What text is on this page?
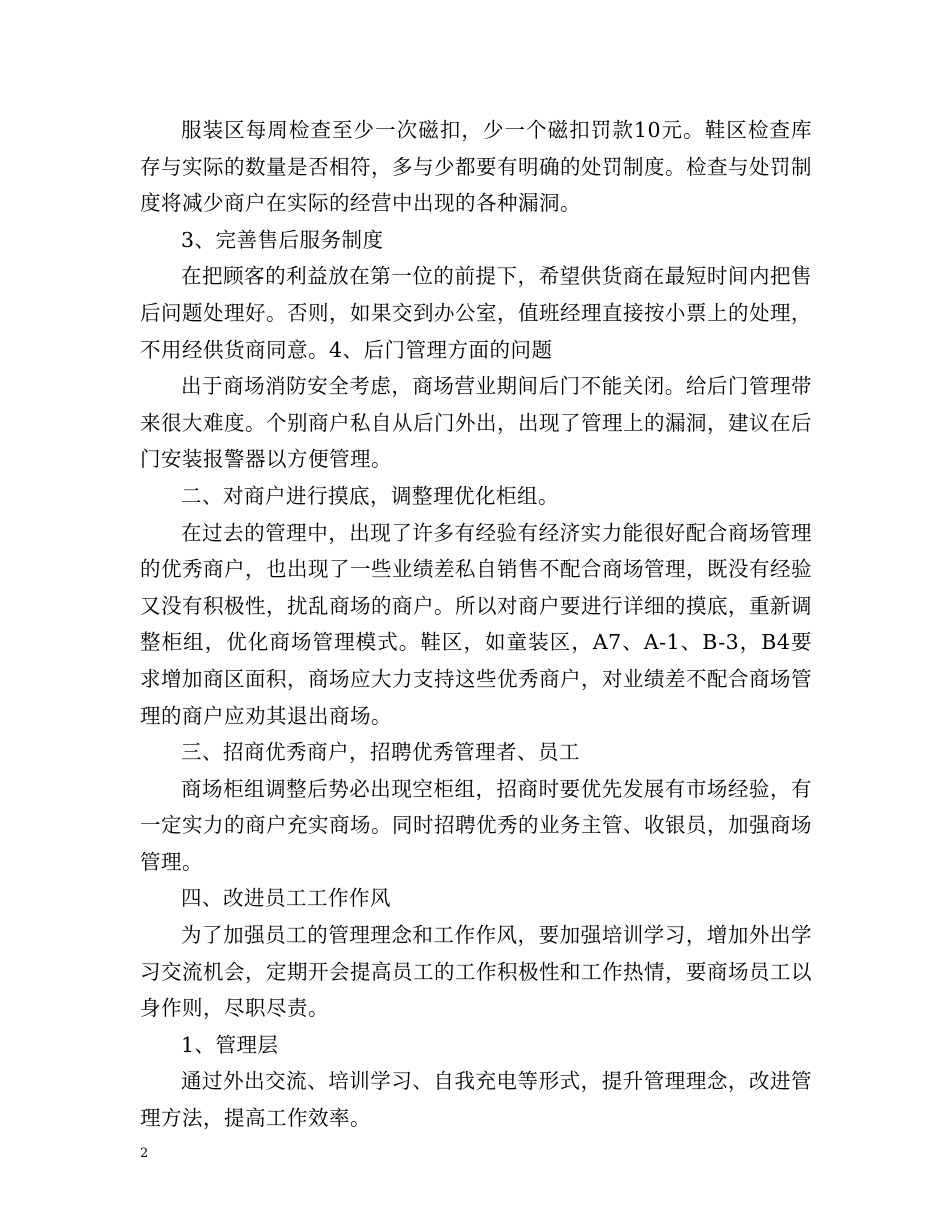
服装区每周检查至少一次磁扣，少一个磁扣罚款10元。鞋区检查库存与实际的数量是否相符，多与少都要有明确的处罚制度。检查与处罚制度将减少商户在实际的经营中出现的各种漏洞。

3、完善售后服务制度

在把顾客的利益放在第一位的前提下，希望供货商在最短时间内把售后问题处理好。否则，如果交到办公室，值班经理直接按小票上的处理，不用经供货商同意。4、后门管理方面的问题

出于商场消防安全考虑，商场营业期间后门不能关闭。给后门管理带来很大难度。个别商户私自从后门外出，出现了管理上的漏洞，建议在后门安装报警器以方便管理。

二、对商户进行摸底，调整理优化柜组。

在过去的管理中，出现了许多有经验有经济实力能很好配合商场管理的优秀商户，也出现了一些业绩差私自销售不配合商场管理，既没有经验又没有积极性，扰乱商场的商户。所以对商户要进行详细的摸底，重新调整柜组，优化商场管理模式。鞋区，如童装区，A7、A-1、B-3，B4要求增加商区面积，商场应大力支持这些优秀商户，对业绩差不配合商场管理的商户应劝其退出商场。

三、招商优秀商户，招聘优秀管理者、员工

商场柜组调整后势必出现空柜组，招商时要优先发展有市场经验，有一定实力的商户充实商场。同时招聘优秀的业务主管、收银员，加强商场管理。

四、改进员工工作作风

为了加强员工的管理理念和工作作风，要加强培训学习，增加外出学习交流机会，定期开会提高员工的工作积极性和工作热情，要商场员工以身作则，尽职尽责。

1、管理层

通过外出交流、培训学习、自我充电等形式，提升管理理念，改进管理方法，提高工作效率。

2
